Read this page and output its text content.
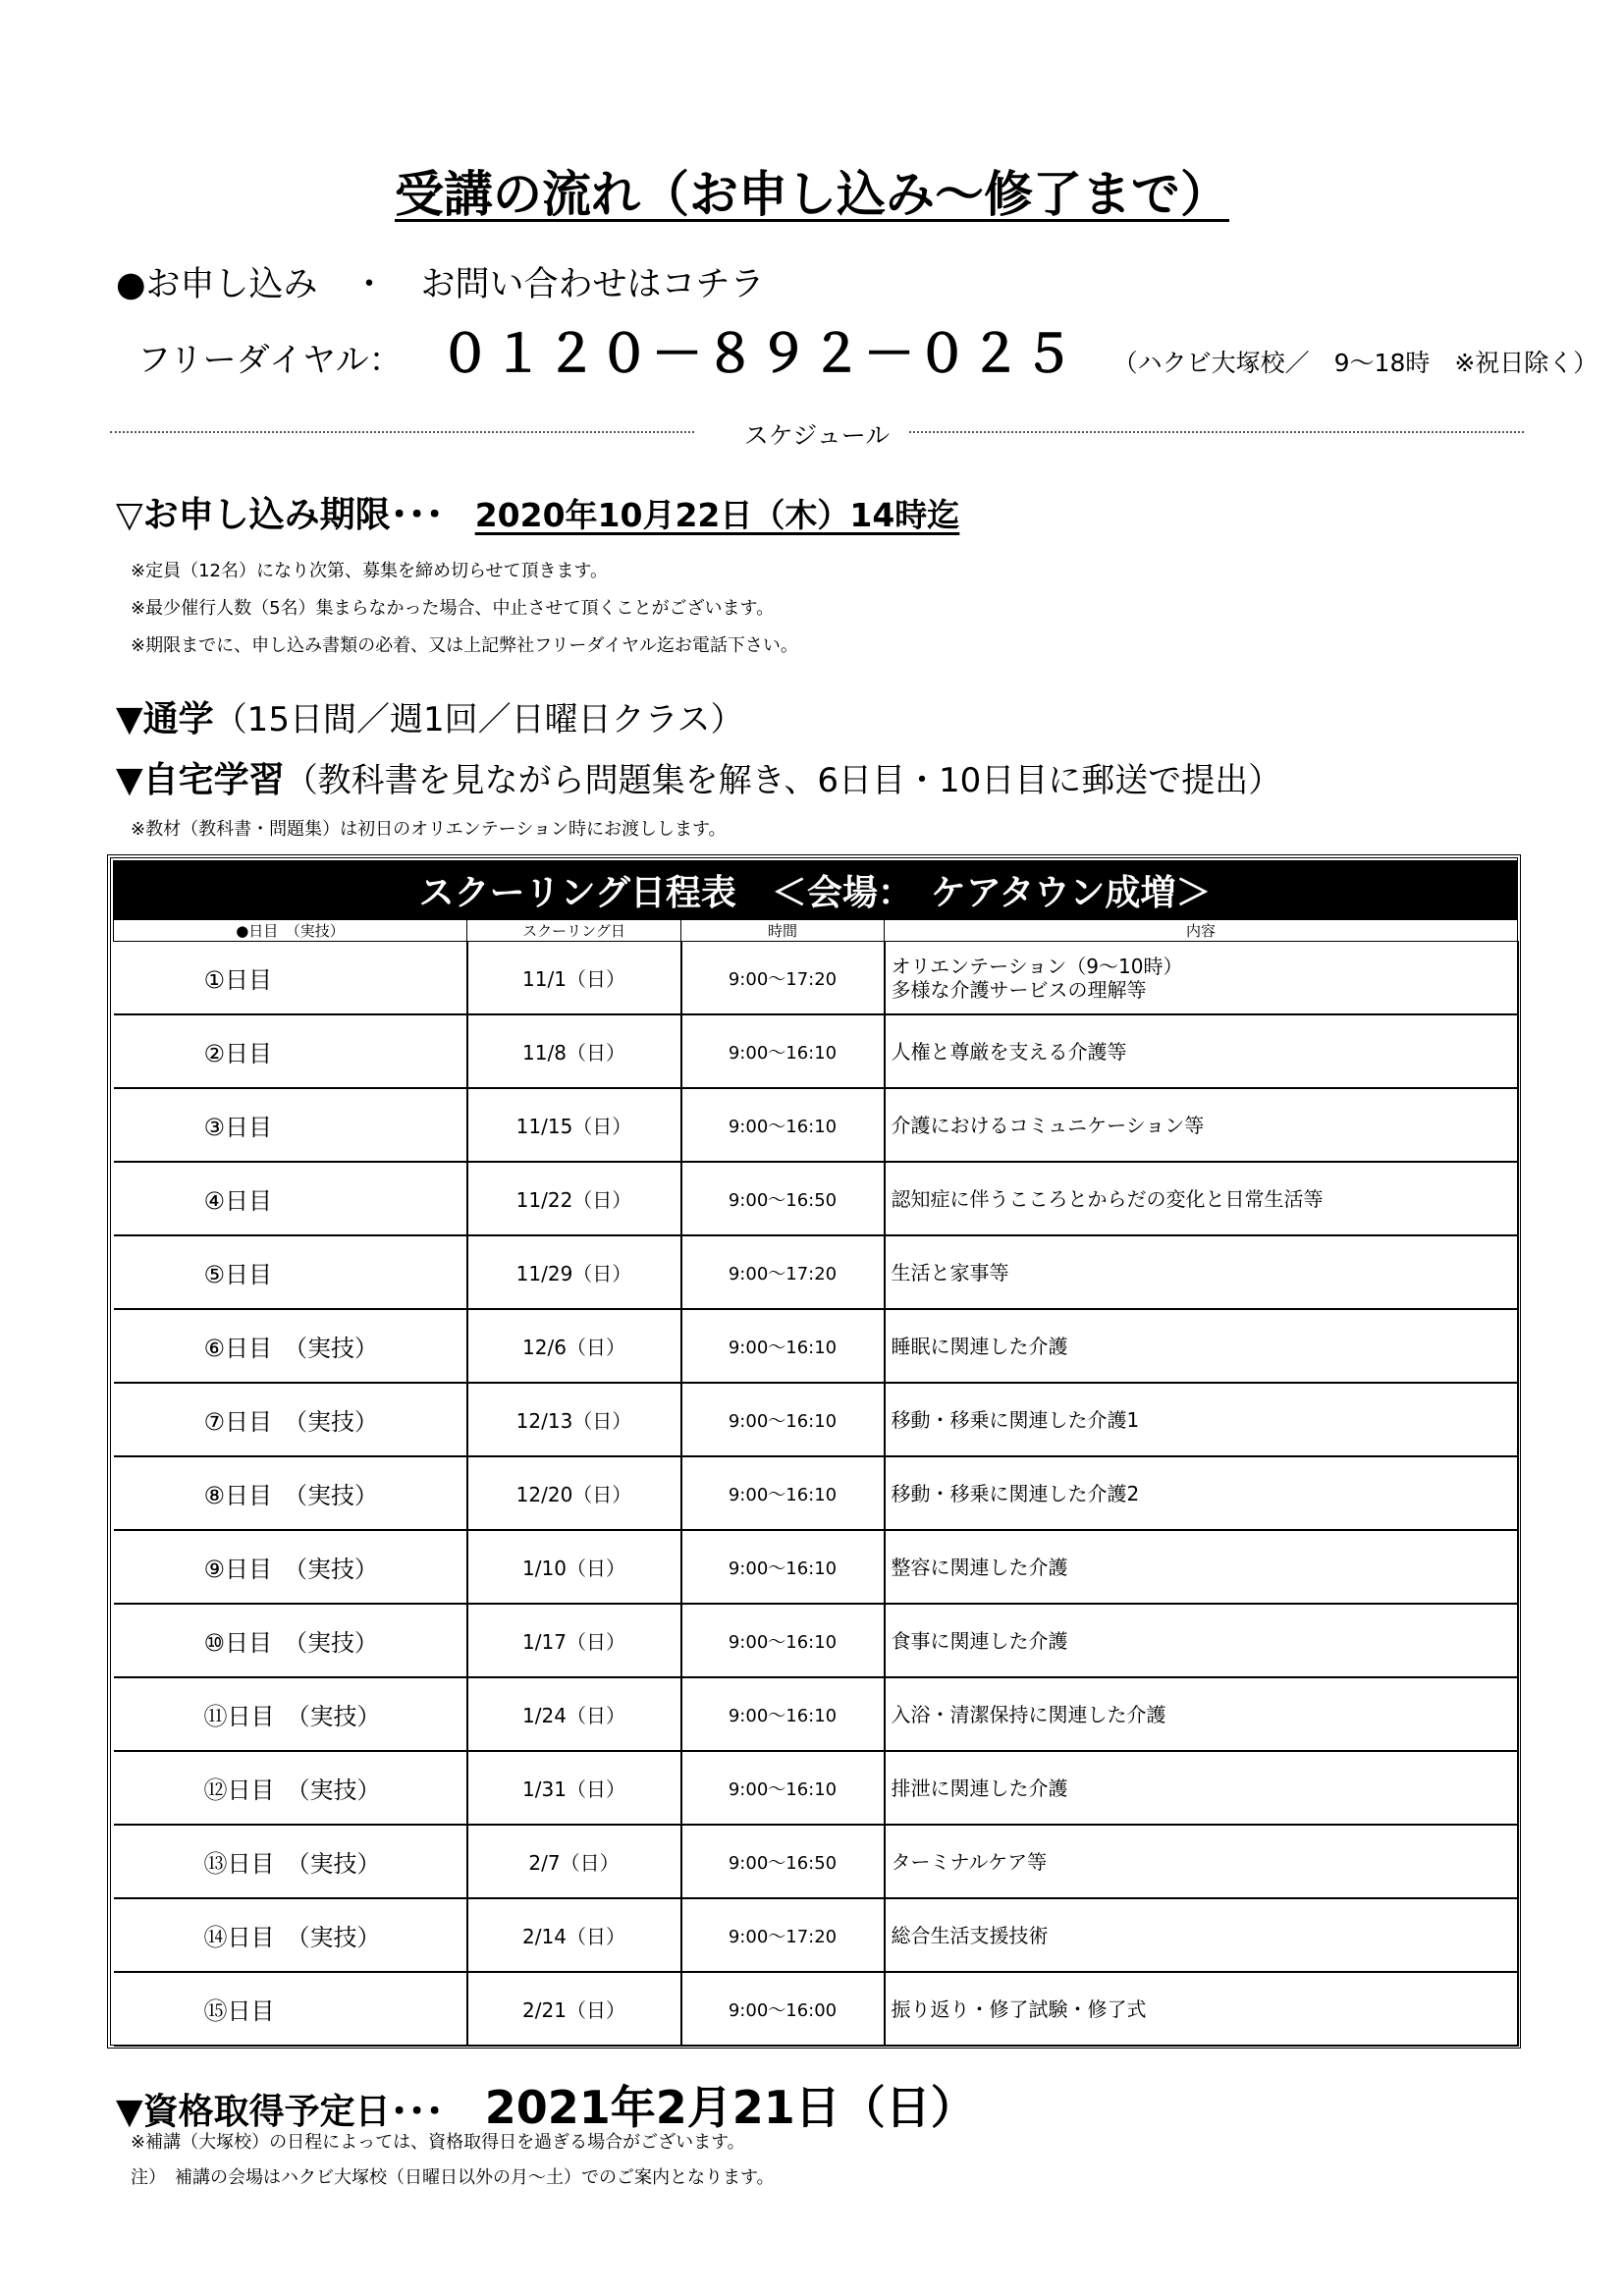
受講の流れ（お申し込み～修了まで）
●お申し込み　・　お問い合わせはコチラ
フリーダイヤル： ０１２０－８９２－０２５ （ハクビ大塚校／　9～18時　※祝日除く）
スケジュール
▽お申し込み期限･･･ 2020年10月22日（木）14時迄
※定員（12名）になり次第、募集を締め切らせて頂きます。
※最少催行人数（5名）集まらなかった場合、中止させて頂くことがございます。
※期限までに、申し込み書類の必着、又は上記弊社フリーダイヤル迄お電話下さい。
▼通学 （15日間／週1回／日曜日クラス）
▼自宅学習 （教科書を見ながら問題集を解き、6日目・10日目に郵送で提出）
※教材（教科書・問題集）は初日のオリエンテーション時にお渡しします。
スクーリング日程表　＜会場：　ケアタウン成増＞
●日目　（実技）	スクーリング日	時間	内容
①日目	11/1（日）	9:00～17:20	オリエンテーション（9～10時）
多様な介護サービスの理解等

②日目	11/8（日）	9:00～16:10	人権と尊厳を支える介護等

③日目	11/15（日）	9:00～16:10	介護におけるコミュニケーション等

④日目	11/22（日）	9:00～16:50	認知症に伴うこころとからだの変化と日常生活等

⑤日目	11/29（日）	9:00～17:20	生活と家事等

⑥日目　（実技）	12/6（日）	9:00～16:10	睡眠に関連した介護

⑦日目　（実技）	12/13（日）	9:00～16:10	移動・移乗に関連した介護1

⑧日目　（実技）	12/20（日）	9:00～16:10	移動・移乗に関連した介護2

⑨日目　（実技）	1/10（日）	9:00～16:10	整容に関連した介護

⑩日目　（実技）	1/17（日）	9:00～16:10	食事に関連した介護

⑪日目　（実技）	1/24（日）	9:00～16:10	入浴・清潔保持に関連した介護

⑫日目　（実技）	1/31（日）	9:00～16:10	排泄に関連した介護

⑬日目　（実技）	2/7（日）	9:00～16:50	ターミナルケア等

⑭日目　（実技）	2/14（日）	9:00～17:20	総合生活支援技術

⑮日目	2/21（日）	9:00～16:00	振り返り・修了試験・修了式
▼資格取得予定日･･･ 2021年2月21日（日）
※補講（大塚校）の日程によっては、資格取得日を過ぎる場合がございます。
注）　補講の会場はハクビ大塚校（日曜日以外の月～土）でのご案内となります。
